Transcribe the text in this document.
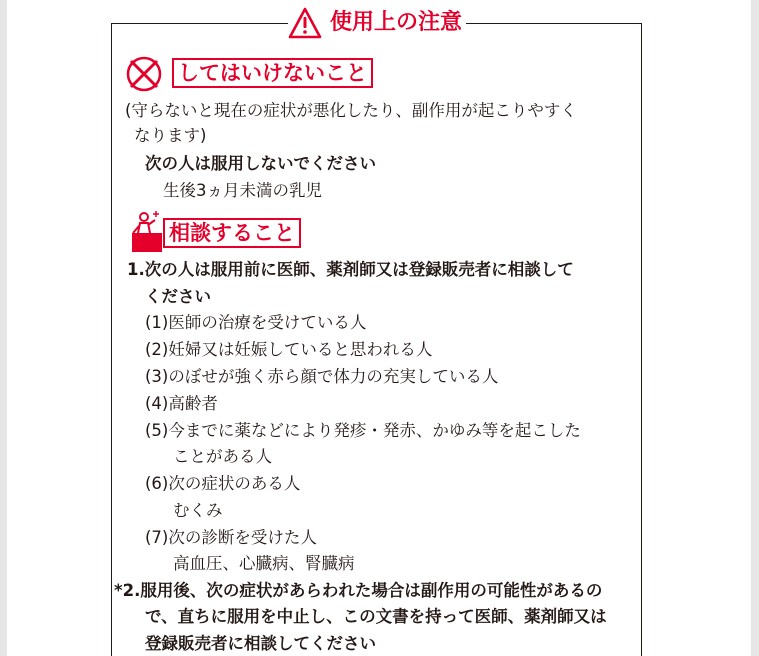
使用上の注意
してはいけないこと
(守らないと現在の症状が悪化したり、副作用が起こりやすく
なります)
次の人は服用しないでください
生後3ヵ月未満の乳児
相談すること
1.次の人は服用前に医師、薬剤師又は登録販売者に相談して
ください
(1)医師の治療を受けている人
(2)妊婦又は妊娠していると思われる人
(3)のぼせが強く赤ら顔で体力の充実している人
(4)高齢者
(5)今までに薬などにより発疹・発赤、かゆみ等を起こした
ことがある人
(6)次の症状のある人
むくみ
(7)次の診断を受けた人
高血圧、心臓病、腎臓病
*2.服用後、次の症状があらわれた場合は副作用の可能性があるの
で、直ちに服用を中止し、この文書を持って医師、薬剤師又は
登録販売者に相談してください
